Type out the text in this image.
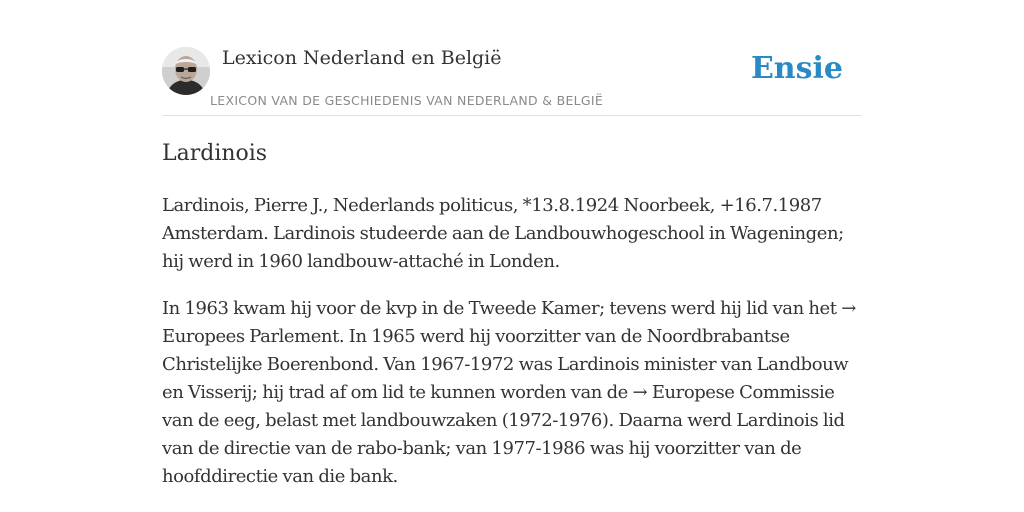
Lexicon Nederland en België
LEXICON VAN DE GESCHIEDENIS VAN NEDERLAND & BELGIË
Ensie
Lardinois

Lardinois, Pierre J., Nederlands politicus, *13.8.1924 Noorbeek, +16.7.1987 Amsterdam. Lardinois studeerde aan de Landbouwhogeschool in Wageningen; hij werd in 1960 landbouw-attaché in Londen.

In 1963 kwam hij voor de kvp in de Tweede Kamer; tevens werd hij lid van het → Europees Parlement. In 1965 werd hij voorzitter van de Noordbrabantse Christelijke Boerenbond. Van 1967-1972 was Lardinois minister van Landbouw en Visserij; hij trad af om lid te kunnen worden van de → Europese Commissie van de eeg, belast met landbouwzaken (1972-1976). Daarna werd Lardinois lid van de directie van de rabo-bank; van 1977-1986 was hij voorzitter van de hoofddirectie van die bank.
